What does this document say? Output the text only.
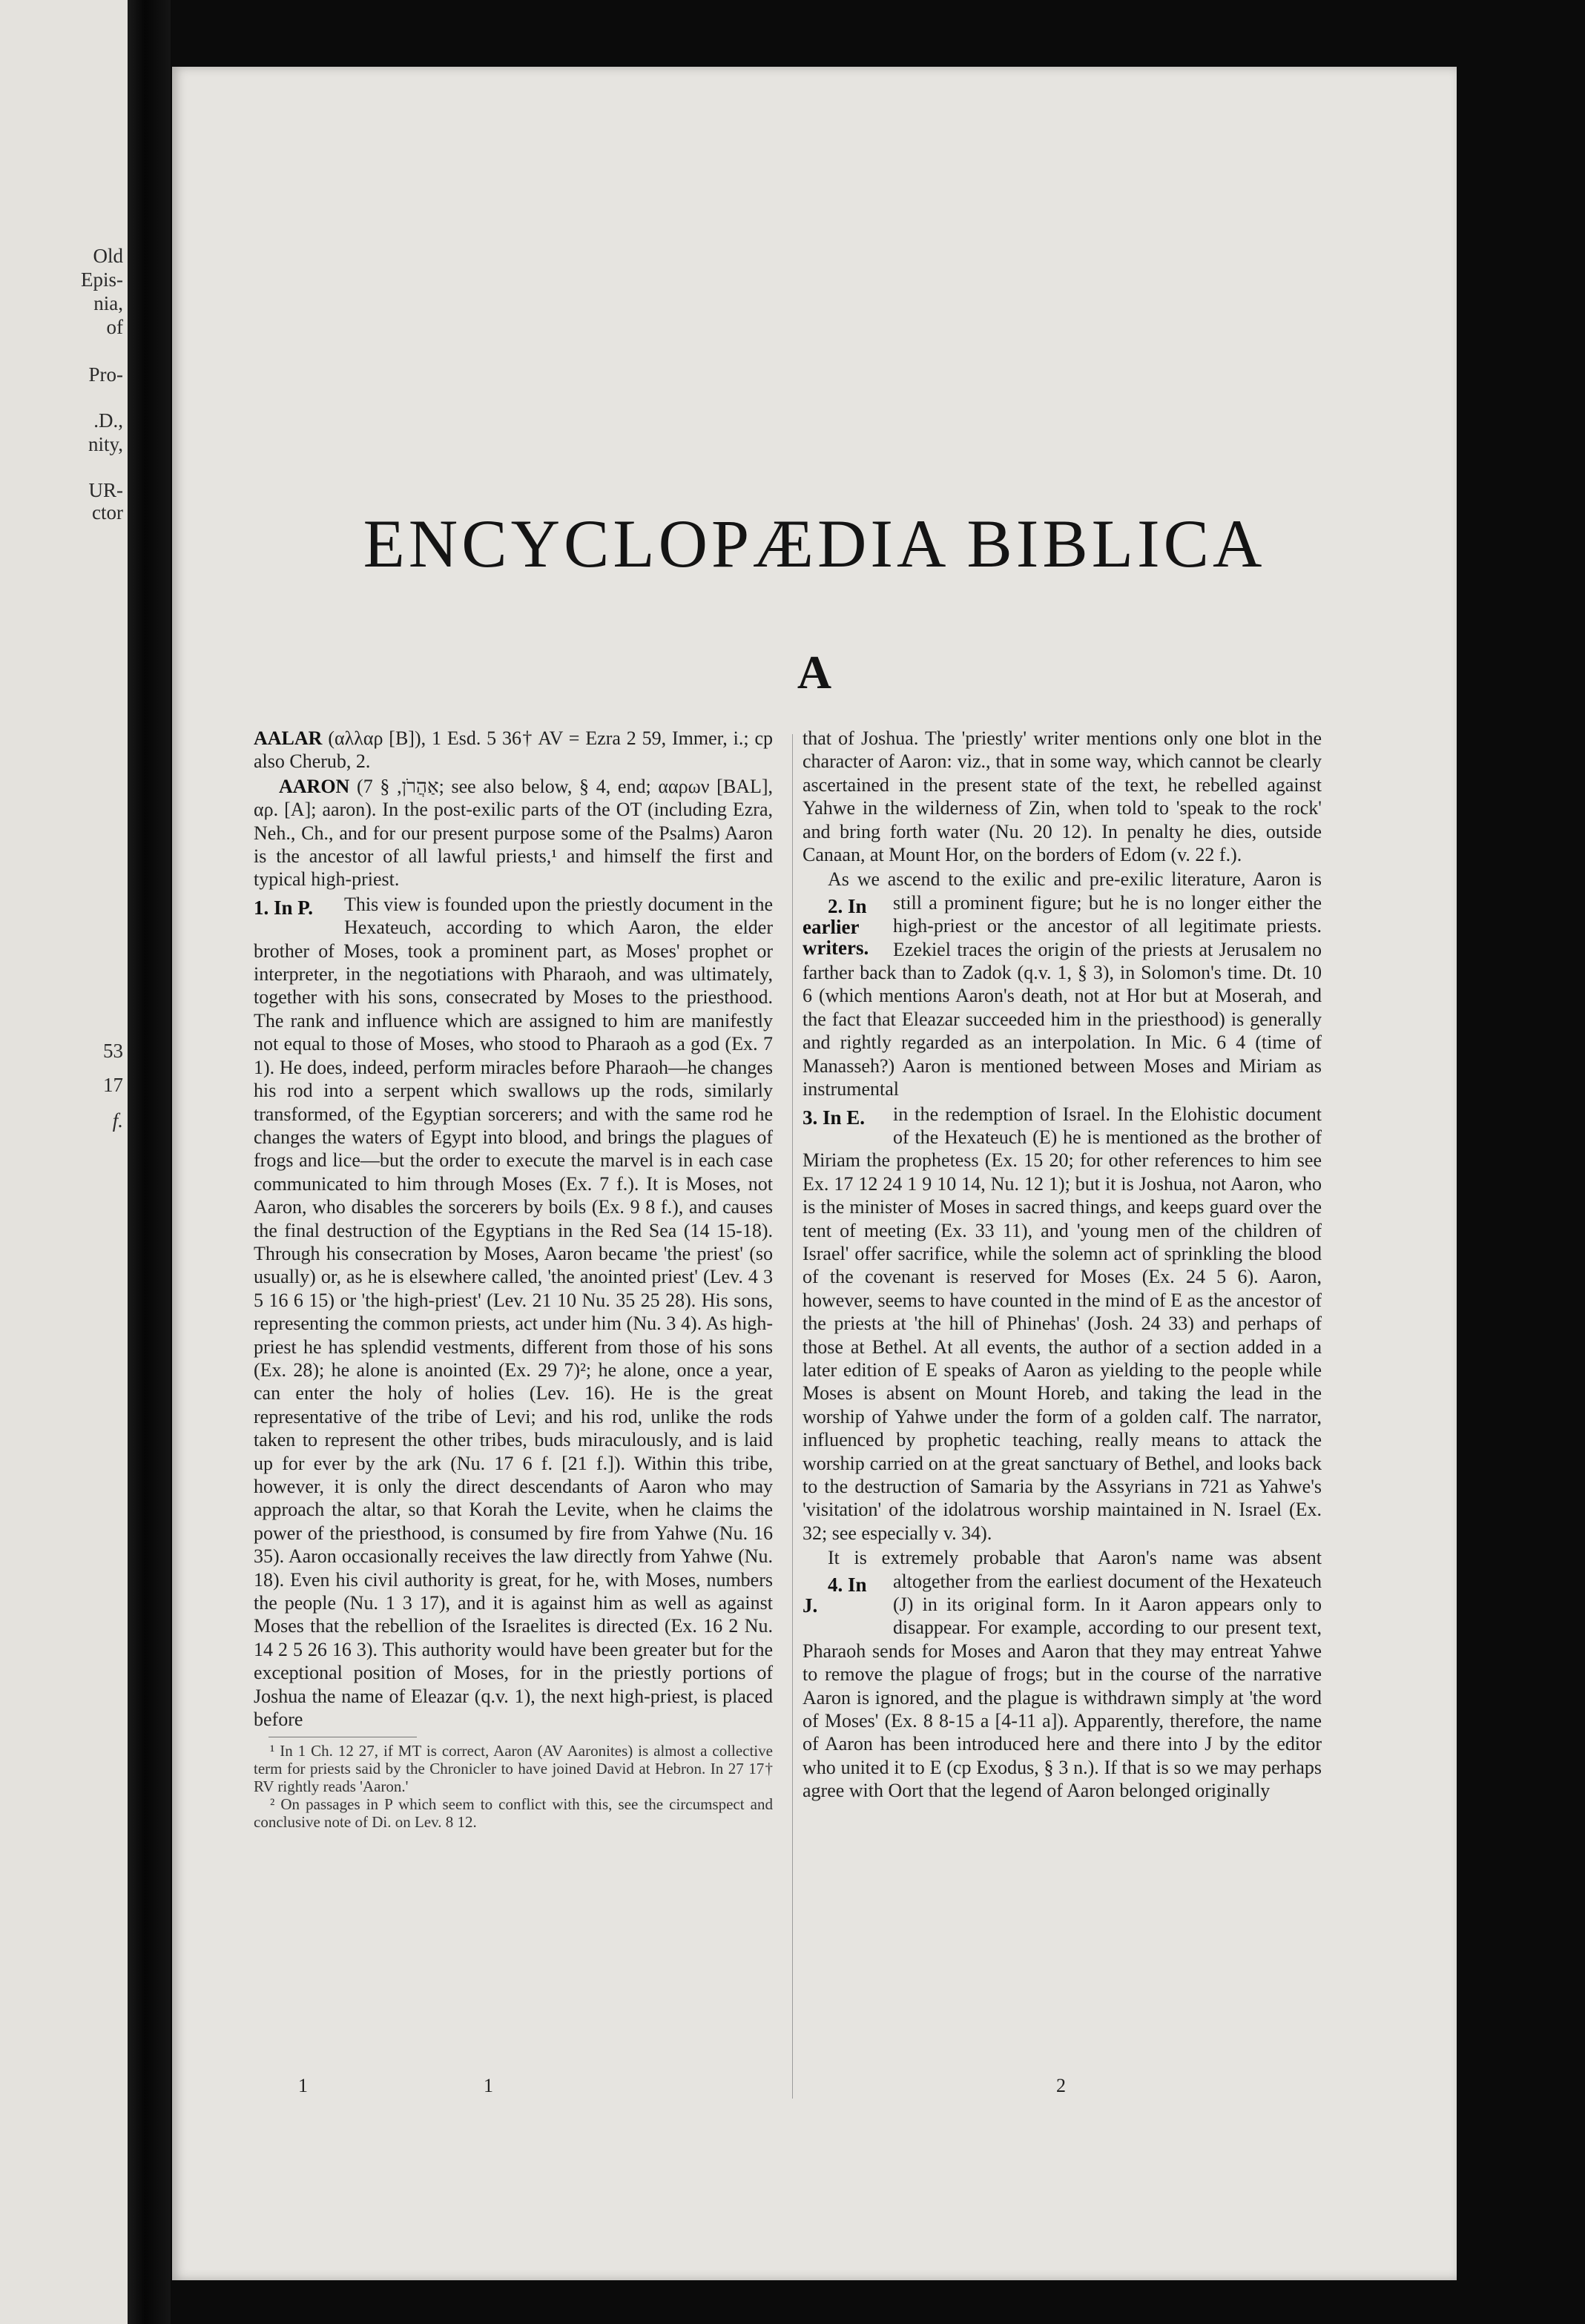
Old

Epis-

nia,

of

Pro-

.D.,

nity,

UR-

ctor

53

17

f.

ENCYCLOPÆDIA BIBLICA
A

AALAR (αλλαρ [B]), 1 Esd. 5 36† AV = Ezra 2 59, Immer, i.; cp also Cherub, 2.

AARON (אַהֲרֹן, § 7; see also below, § 4, end; ααρων [BAL], αρ. [A]; aaron). In the post-exilic parts of the OT (including Ezra, Neh., Ch., and for our present purpose some of the Psalms) Aaron is the ancestor of all lawful priests,¹ and himself the first and typical high-priest.

1. In P.	This view is founded upon the priestly document in the Hexateuch, according to which Aaron, the elder brother of Moses, took a prominent part, as Moses' prophet or interpreter, in the negotiations with Pharaoh, and was ultimately, together with his sons, consecrated by Moses to the priesthood. The rank and influence which are assigned to him are manifestly not equal to those of Moses, who stood to Pharaoh as a god (Ex. 7 1). He does, indeed, perform miracles before Pharaoh—he changes his rod into a serpent which swallows up the rods, similarly transformed, of the Egyptian sorcerers; and with the same rod he changes the waters of Egypt into blood, and brings the plagues of frogs and lice—but the order to execute the marvel is in each case communicated to him through Moses (Ex. 7 f.). It is Moses, not Aaron, who disables the sorcerers by boils (Ex. 9 8 f.), and causes the final destruction of the Egyptians in the Red Sea (14 15-18). Through his consecration by Moses, Aaron became 'the priest' (so usually) or, as he is elsewhere called, 'the anointed priest' (Lev. 4 3 5 16 6 15) or 'the high-priest' (Lev. 21 10 Nu. 35 25 28). His sons, representing the common priests, act under him (Nu. 3 4). As high-priest he has splendid vestments, different from those of his sons (Ex. 28); he alone is anointed (Ex. 29 7)²; he alone, once a year, can enter the holy of holies (Lev. 16). He is the great representative of the tribe of Levi; and his rod, unlike the rods taken to represent the other tribes, buds miraculously, and is laid up for ever by the ark (Nu. 17 6 f. [21 f.]). Within this tribe, however, it is only the direct descendants of Aaron who may approach the altar, so that Korah the Levite, when he claims the power of the priesthood, is consumed by fire from Yahwe (Nu. 16 35). Aaron occasionally receives the law directly from Yahwe (Nu. 18). Even his civil authority is great, for he, with Moses, numbers the people (Nu. 1 3 17), and it is against him as well as against Moses that the rebellion of the Israelites is directed (Ex. 16 2 Nu. 14 2 5 26 16 3). This authority would have been greater but for the exceptional position of Moses, for in the priestly portions of Joshua the name of Eleazar (q.v. 1), the next high-priest, is placed before

¹ In 1 Ch. 12 27, if MT is correct, Aaron (AV Aaronites) is almost a collective term for priests said by the Chronicler to have joined David at Hebron. In 27 17† RV rightly reads 'Aaron.'

² On passages in P which seem to conflict with this, see the circumspect and conclusive note of Di. on Lev. 8 12.

that of Joshua. The 'priestly' writer mentions only one blot in the character of Aaron: viz., that in some way, which cannot be clearly ascertained in the present state of the text, he rebelled against Yahwe in the wilderness of Zin, when told to 'speak to the rock' and bring forth water (Nu. 20 12). In penalty he dies, outside Canaan, at Mount Hor, on the borders of Edom (v. 22 f.).

As we ascend to the exilic and pre-exilic literature, Aaron is still a prominent figure; but he is no longer
2. In earlier writers.
either the high-priest or the ancestor of all legitimate priests. Ezekiel traces the origin of the priests at Jerusalem no farther back than to Zadok (q.v. 1, § 3), in Solomon's time. Dt. 10 6 (which mentions Aaron's death, not at Hor but at Moserah, and the fact that Eleazar succeeded him in the priesthood) is generally and rightly regarded as an interpolation. In Mic. 6 4 (time of Manasseh?) Aaron is mentioned between Moses and Miriam as instrumental

3. In E.	in the redemption of Israel. In the Elohistic document of the Hexateuch (E) he is mentioned as the brother of Miriam the prophetess (Ex. 15 20; for other references to him see Ex. 17 12 24 1 9 10 14, Nu. 12 1); but it is Joshua, not Aaron, who is the minister of Moses in sacred things, and keeps guard over the tent of meeting (Ex. 33 11), and 'young men of the children of Israel' offer sacrifice, while the solemn act of sprinkling the blood of the covenant is reserved for Moses (Ex. 24 5 6). Aaron, however, seems to have counted in the mind of E as the ancestor of the priests at 'the hill of Phinehas' (Josh. 24 33) and perhaps of those at Bethel. At all events, the author of a section added in a later edition of E speaks of Aaron as yielding to the people while Moses is absent on Mount Horeb, and taking the lead in the worship of Yahwe under the form of a golden calf. The narrator, influenced by prophetic teaching, really means to attack the worship carried on at the great sanctuary of Bethel, and looks back to the destruction of Samaria by the Assyrians in 721 as Yahwe's 'visitation' of the idolatrous worship maintained in N. Israel (Ex. 32; see especially v. 34).

It is extremely probable that Aaron's name was absent altogether from the earliest document of the Hexateuch
4. In J.	(J) in its original form. In it Aaron appears only to disappear. For example, according to our present text, Pharaoh sends for Moses and Aaron that they may entreat Yahwe to remove the plague of frogs; but in the course of the narrative Aaron is ignored, and the plague is withdrawn simply at 'the word of Moses' (Ex. 8 8-15 a [4-11 a]). Apparently, therefore, the name of Aaron has been introduced here and there into J by the editor who united it to E (cp Exodus, § 3 n.). If that is so we may perhaps agree with Oort that the legend of Aaron belonged originally

1	1	2
